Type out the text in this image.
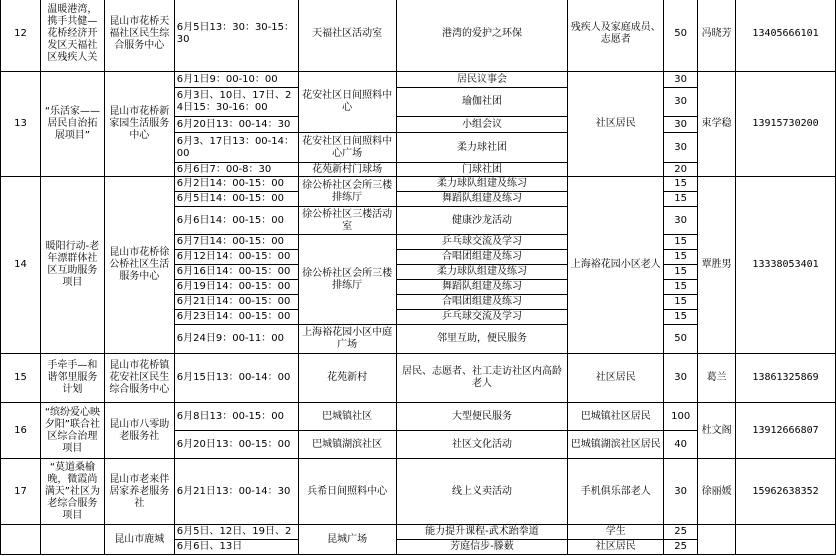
12	温暖港湾，携手共健—花桥经济开发区天福社区残疾人关	昆山市花桥天福社区民生综合服务中心	6月5日13：30：30-15：30	天福社区活动室	港湾的爱护之环保	残疾人及家庭成员、志愿者	50	冯晓芳	13405666101
13	“乐活家——居民自治拓展项目”	昆山市花桥新家园生活服务中心	6月1日9：00-10：00	花安社区日间照料中心	居民议事会	社区居民	30	束学稳	13915730200
			6月3日、10日、17日、24日15：30-16：00		瑜伽社团		30		
			6月20日13：00-14：30		小组会议		30		
			6月3、17日13：00-14：00	花安社区日间照料中心广场	柔力球社团		30		
			6月6日7：00-8：30	花苑新村门球场	门球社团		20		
14	暖阳行动-老年漂群体社区互助服务项目	昆山市花桥徐公桥社区生活服务中心	6月2日14：00-15：00	徐公桥社区会所三楼排练厅	柔力球队组建及练习	上海裕花园小区老人	15	覃胜男	13338053401
			6月5日14：00-15：00		舞蹈队组建及练习		15		
			6月6日14：00-15：00	徐公桥社区三楼活动室	健康沙龙活动		30		
			6月7日14：00-15：00	徐公桥社区会所三楼排练厅	乒乓球交流及学习		15		
			6月12日14：00-15：00		合唱团组建及练习		15		
			6月16日14：00-15：00		柔力球队组建及练习		15		
			6月19日14：00-15：00		舞蹈队组建及练习		15		
			6月21日14：00-15：00		合唱团组建及练习		15		
			6月23日14：00-15：00		乒乓球交流及学习		15		
			6月24日9：00-11：00	上海裕花园小区中庭广场	邻里互助，便民服务		50		
15	手牵手—和谐邻里服务计划	昆山市花桥镇花安社区民生综合服务中心	6月15日13：00-14：00	花苑新村	居民、志愿者、社工走访社区内高龄老人	社区居民	30	葛兰	13861325869
16	“缤纷爱心映夕阳”联合社区综合治理项目	昆山市八零助老服务社	6月8日13：00-15：00	巴城镇社区	大型便民服务	巴城镇社区居民	100	杜文阁	13912666807
			6月20日13：00-15：00	巴城镇湖滨社区	社区文化活动	巴城镇湖滨社区居民	40		
17	“莫道桑榆晚，微霞尚满天”社区为老综合服务项目	昆山市老来伴居家养老服务社	6月21日13：00-14：30	兵希日间照料中心	线上义卖活动	手机俱乐部老人	30	徐丽媛	15962638352
		昆山市鹿城	6月5日、12日、19日、2	昆城广场	能力提升课程-武术跆拳道	学生	25		
			6月6日、13日		芳庭信步-滕薮	社区居民	25		
